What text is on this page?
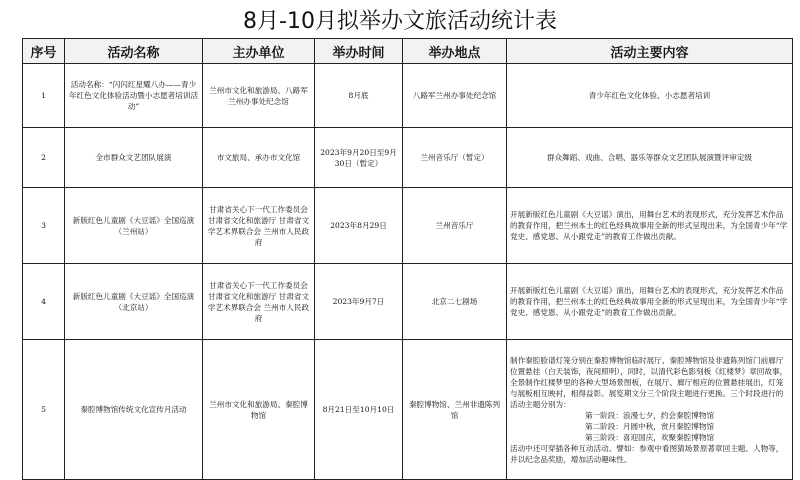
8月-10月拟举办文旅活动统计表
序号	活动名称	主办单位	举办时间	举办地点	活动主要内容
1	活动名称：“闪闪红星耀八办——青少年红色文化体验活动暨小志愿者培训活动”	兰州市文化和旅游局、八路军兰州办事处纪念馆	8月底	八路军兰州办事处纪念馆	青少年红色文化体验、小志愿者培训
2	全市群众文艺团队展演	市文旅局、承办市文化馆	2023年9月20日至9月30日（暂定）	兰州音乐厅（暂定）	群众舞蹈、戏曲、合唱、器乐等群众文艺团队展演暨评审定级
3	新版红色儿童剧《大豆谣》全国巡演（兰州站）	甘肃省关心下一代工作委员会 甘肃省文化和旅游厅 甘肃省文学艺术界联合会 兰州市人民政府	2023年8月29日	兰州音乐厅	开展新版红色儿童剧《大豆谣》演出，用舞台艺术的表现形式，充分发挥艺术作品的教育作用，把兰州本土的红色经典故事用全新的形式呈现出来，为全国青少年“学党史、感党恩、从小跟党走”的教育工作做出贡献。
4	新版红色儿童剧《大豆谣》全国巡演（北京站）	甘肃省关心下一代工作委员会 甘肃省文化和旅游厅 甘肃省文学艺术界联合会 兰州市人民政府	2023年9月7日	北京二七剧场	开展新版红色儿童剧《大豆谣》演出，用舞台艺术的表现形式，充分发挥艺术作品的教育作用，把兰州本土的红色经典故事用全新的形式呈现出来，为全国青少年“学党史、感党恩、从小跟党走”的教育工作做出贡献。
5	秦腔博物馆传统文化宣传月活动	兰州市文化和旅游局、秦腔博物馆	8月21日至10月10日	秦腔博物馆、兰州非遗陈列馆	制作秦腔脸谱灯笼分别在秦腔博物馆临时展厅、秦腔博物馆及非遗陈列馆门前廊厅位置悬挂（白天装饰，夜间照明），同时，以清代彩色影刻板《红楼梦》章回故事，全景制作红楼梦里的各种大型场景图板，在展厅、廊厅相应的位置悬挂展出，灯笼与展板相互映衬，相得益彰。展览期文分三个阶段主题进行更换。三个时段进行的活动主题分别为：
第一阶段：浪漫七夕，约会秦腔博物馆
第二阶段：月圆中秋，赏月秦腔博物馆
第三阶段：喜迎国庆，欢聚秦腔博物馆
活动中还可穿插各种互动活动。譬如：参观中看图猜场景原著章回主题、人物等，并以纪念品奖励，增加活动趣味性。
